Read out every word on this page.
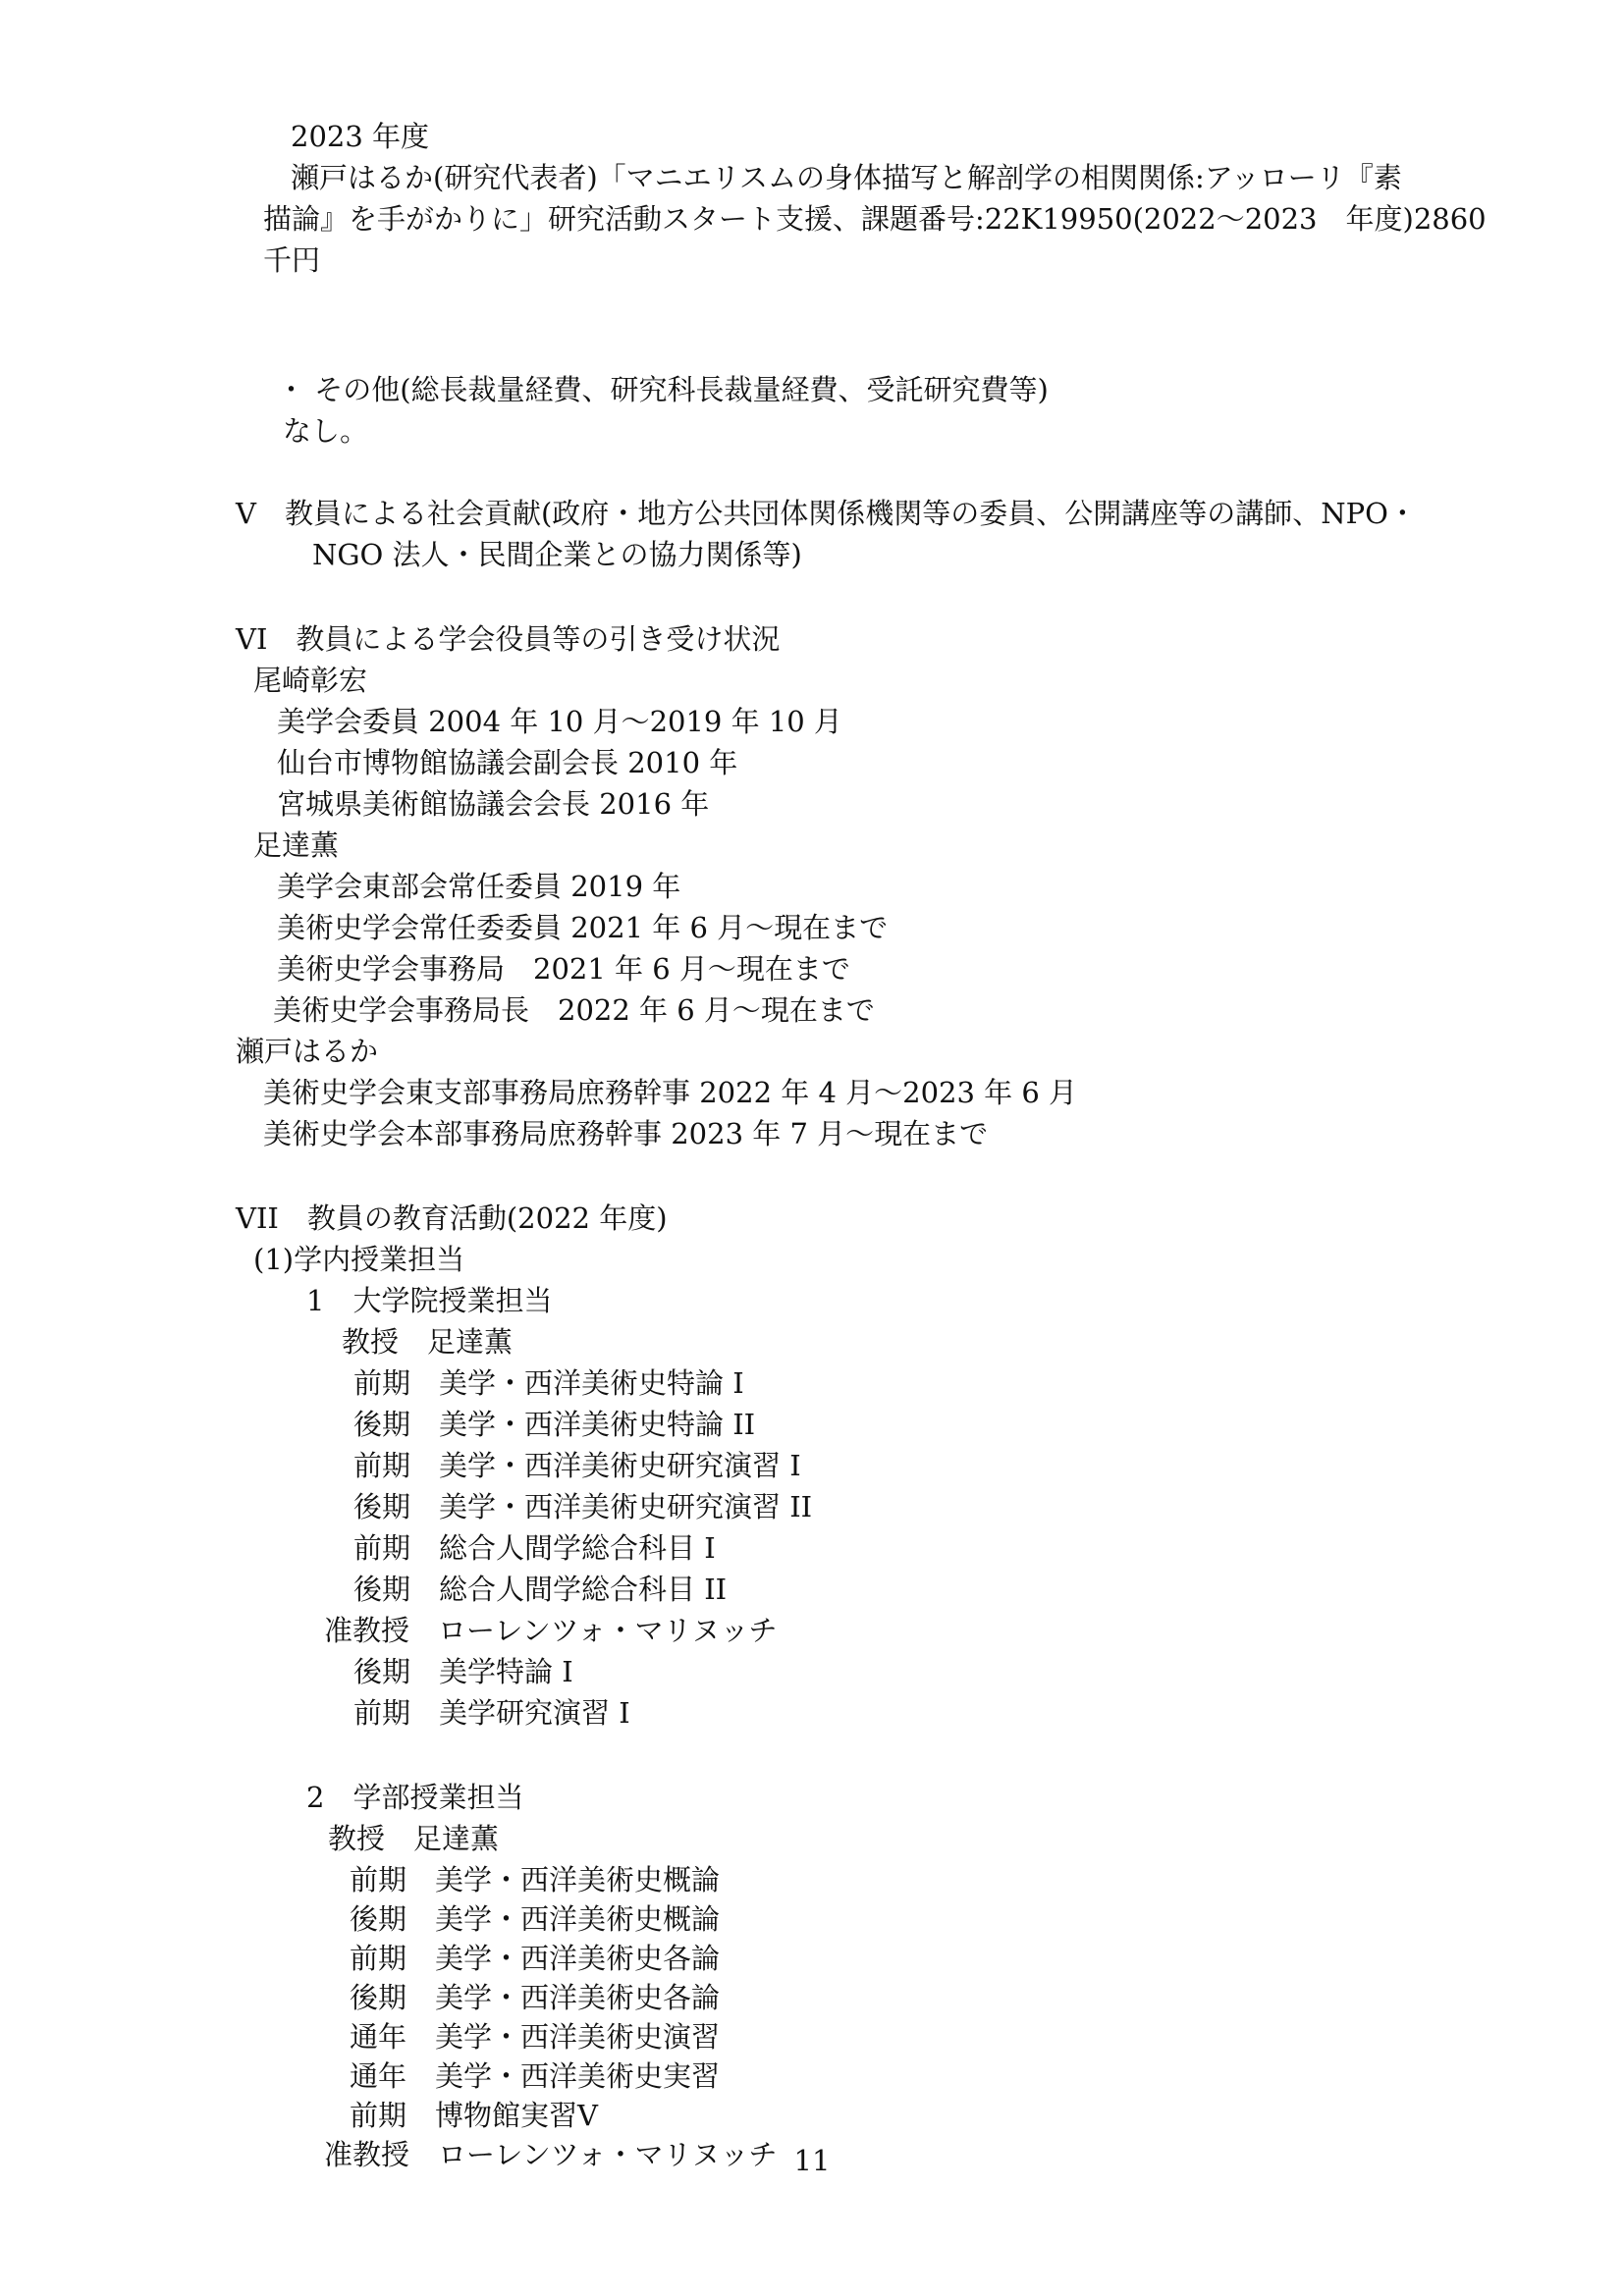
2023 年度
瀬戸はるか(研究代表者)「マニエリスムの身体描写と解剖学の相関関係:アッローリ『素
描論』を手がかりに」研究活動スタート支援、課題番号:22K19950(2022～2023　年度)2860
千円
・ その他(総長裁量経費、研究科長裁量経費、受託研究費等)
なし。
V　教員による社会貢献(政府・地方公共団体関係機関等の委員、公開講座等の講師、NPO・
NGO 法人・民間企業との協力関係等)
VI　教員による学会役員等の引き受け状況
尾崎彰宏
美学会委員 2004 年 10 月～2019 年 10 月
仙台市博物館協議会副会長 2010 年
宮城県美術館協議会会長 2016 年
足達薫
美学会東部会常任委員 2019 年
美術史学会常任委委員 2021 年 6 月～現在まで
美術史学会事務局　2021 年 6 月～現在まで
美術史学会事務局長　2022 年 6 月～現在まで
瀬戸はるか
美術史学会東支部事務局庶務幹事 2022 年 4 月～2023 年 6 月
美術史学会本部事務局庶務幹事 2023 年 7 月～現在まで
VII　教員の教育活動(2022 年度)
(1)学内授業担当
1　大学院授業担当
教授　足達薫
前期　美学・西洋美術史特論 I
後期　美学・西洋美術史特論 II
前期　美学・西洋美術史研究演習 I
後期　美学・西洋美術史研究演習 II
前期　総合人間学総合科目 I
後期　総合人間学総合科目 II
准教授　ローレンツォ・マリヌッチ
後期　美学特論 I
前期　美学研究演習 I
2　学部授業担当
教授　足達薫
前期　美学・西洋美術史概論
後期　美学・西洋美術史概論
前期　美学・西洋美術史各論
後期　美学・西洋美術史各論
通年　美学・西洋美術史演習
通年　美学・西洋美術史実習
前期　博物館実習V
准教授　ローレンツォ・マリヌッチ 11
